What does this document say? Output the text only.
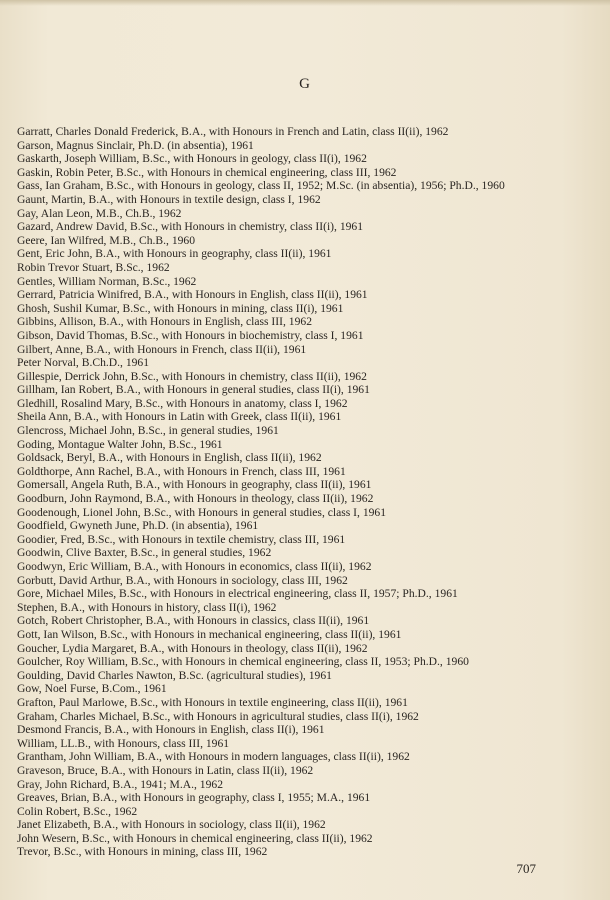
G
Garratt, Charles Donald Frederick, B.A., with Honours in French and Latin, class II(ii), 1962
Garson, Magnus Sinclair, Ph.D. (in absentia), 1961
Gaskarth, Joseph William, B.Sc., with Honours in geology, class II(i), 1962
Gaskin, Robin Peter, B.Sc., with Honours in chemical engineering, class III, 1962
Gass, Ian Graham, B.Sc., with Honours in geology, class II, 1952; M.Sc. (in absentia), 1956; Ph.D., 1960
Gaunt, Martin, B.A., with Honours in textile design, class I, 1962
Gay, Alan Leon, M.B., Ch.B., 1962
Gazard, Andrew David, B.Sc., with Honours in chemistry, class II(i), 1961
Geere, Ian Wilfred, M.B., Ch.B., 1960
Gent, Eric John, B.A., with Honours in geography, class II(ii), 1961
Robin Trevor Stuart, B.Sc., 1962
Gentles, William Norman, B.Sc., 1962
Gerrard, Patricia Winifred, B.A., with Honours in English, class II(ii), 1961
Ghosh, Sushil Kumar, B.Sc., with Honours in mining, class II(i), 1961
Gibbins, Allison, B.A., with Honours in English, class III, 1962
Gibson, David Thomas, B.Sc., with Honours in biochemistry, class I, 1961
Gilbert, Anne, B.A., with Honours in French, class II(ii), 1961
Peter Norval, B.Ch.D., 1961
Gillespie, Derrick John, B.Sc., with Honours in chemistry, class II(ii), 1962
Gillham, Ian Robert, B.A., with Honours in general studies, class II(i), 1961
Gledhill, Rosalind Mary, B.Sc., with Honours in anatomy, class I, 1962
Sheila Ann, B.A., with Honours in Latin with Greek, class II(ii), 1961
Glencross, Michael John, B.Sc., in general studies, 1961
Goding, Montague Walter John, B.Sc., 1961
Goldsack, Beryl, B.A., with Honours in English, class II(ii), 1962
Goldthorpe, Ann Rachel, B.A., with Honours in French, class III, 1961
Gomersall, Angela Ruth, B.A., with Honours in geography, class II(ii), 1961
Goodburn, John Raymond, B.A., with Honours in theology, class II(ii), 1962
Goodenough, Lionel John, B.Sc., with Honours in general studies, class I, 1961
Goodfield, Gwyneth June, Ph.D. (in absentia), 1961
Goodier, Fred, B.Sc., with Honours in textile chemistry, class III, 1961
Goodwin, Clive Baxter, B.Sc., in general studies, 1962
Goodwyn, Eric William, B.A., with Honours in economics, class II(ii), 1962
Gorbutt, David Arthur, B.A., with Honours in sociology, class III, 1962
Gore, Michael Miles, B.Sc., with Honours in electrical engineering, class II, 1957; Ph.D., 1961
Stephen, B.A., with Honours in history, class II(i), 1962
Gotch, Robert Christopher, B.A., with Honours in classics, class II(ii), 1961
Gott, Ian Wilson, B.Sc., with Honours in mechanical engineering, class II(ii), 1961
Goucher, Lydia Margaret, B.A., with Honours in theology, class II(ii), 1962
Goulcher, Roy William, B.Sc., with Honours in chemical engineering, class II, 1953; Ph.D., 1960
Goulding, David Charles Nawton, B.Sc. (agricultural studies), 1961
Gow, Noel Furse, B.Com., 1961
Grafton, Paul Marlowe, B.Sc., with Honours in textile engineering, class II(ii), 1961
Graham, Charles Michael, B.Sc., with Honours in agricultural studies, class II(i), 1962
Desmond Francis, B.A., with Honours in English, class II(i), 1961
William, LL.B., with Honours, class III, 1961
Grantham, John William, B.A., with Honours in modern languages, class II(ii), 1962
Graveson, Bruce, B.A., with Honours in Latin, class II(ii), 1962
Gray, John Richard, B.A., 1941; M.A., 1962
Greaves, Brian, B.A., with Honours in geography, class I, 1955; M.A., 1961
Colin Robert, B.Sc., 1962
Janet Elizabeth, B.A., with Honours in sociology, class II(ii), 1962
John Wesern, B.Sc., with Honours in chemical engineering, class II(ii), 1962
Trevor, B.Sc., with Honours in mining, class III, 1962
707
